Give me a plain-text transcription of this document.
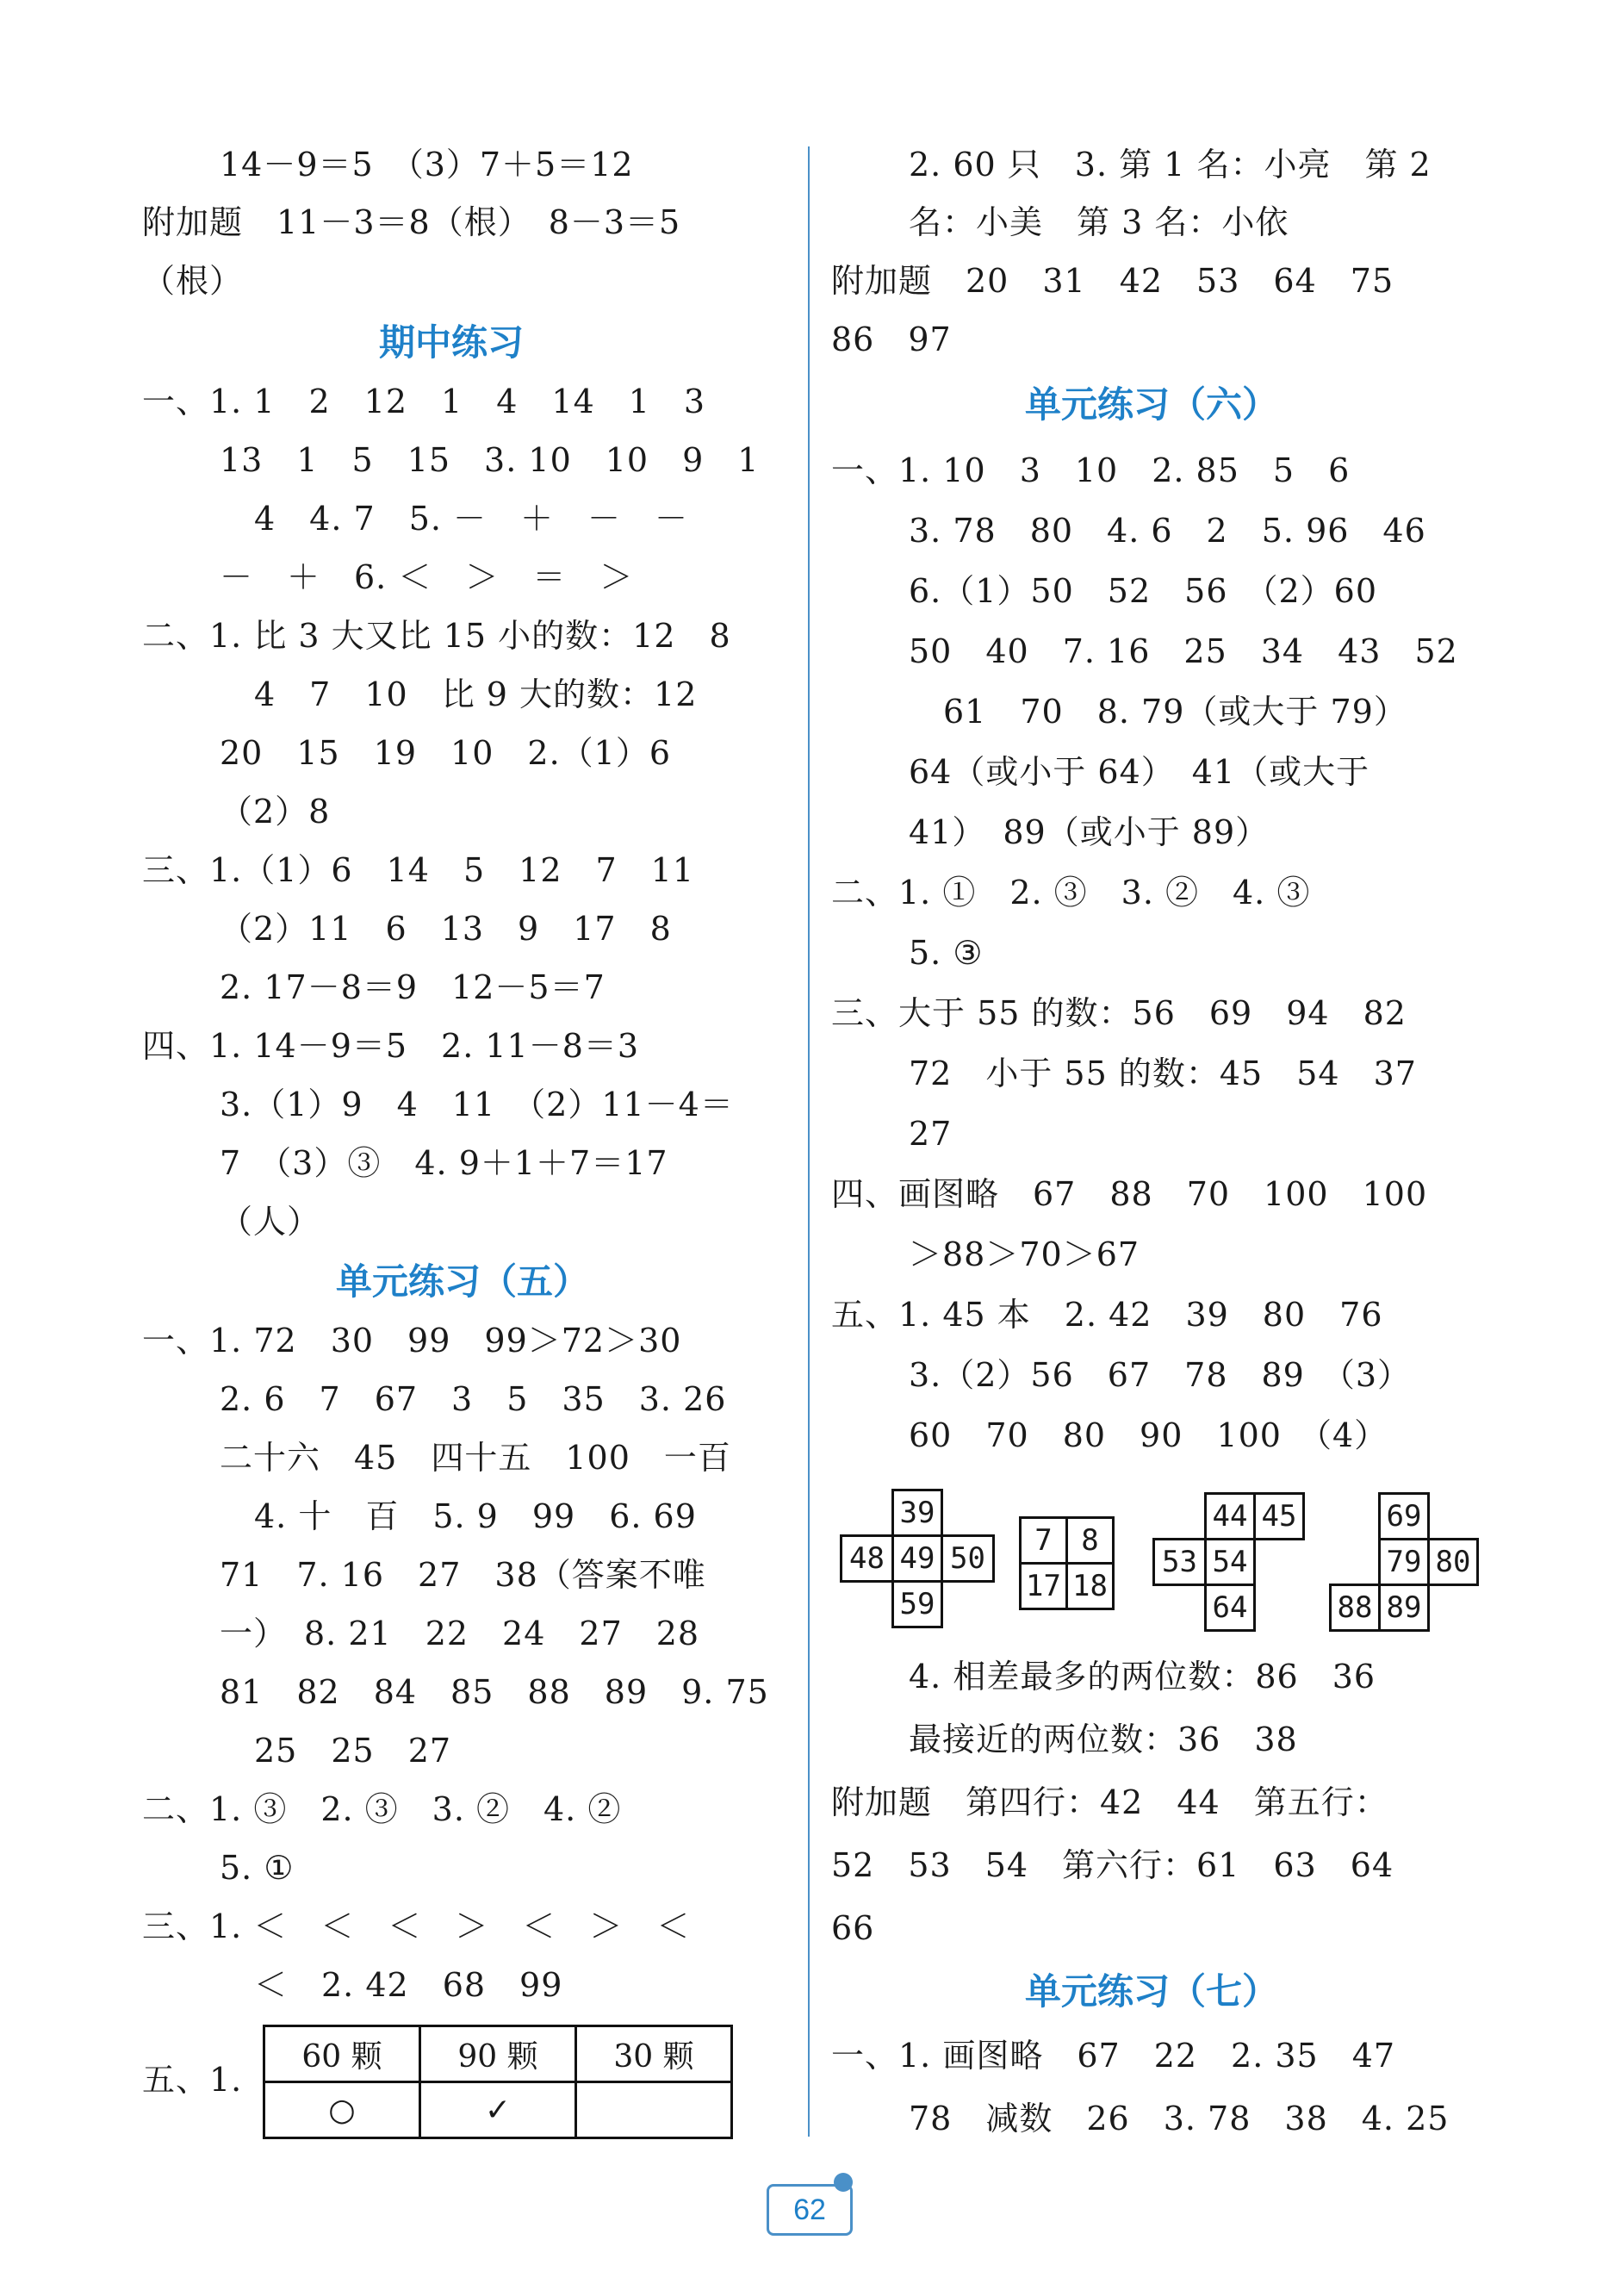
14－9＝5　（3）7＋5＝12
附加题　11－3＝8（根）　8－3＝5
（根）
期中练习
一、1. 1　2　12　1　4　14　1　3
13　1　5　15　3. 10　10　9　1
4　4. 7　5. －　＋　－　－
－　＋　6. ＜　＞　＝　＞
二、1. 比 3 大又比 15 小的数：12　8
4　7　10　比 9 大的数：12
20　15　19　10　2.（1）6
（2）8
三、1.（1）6　14　5　12　7　11
（2）11　6　13　9　17　8
2. 17－8＝9　12－5＝7
四、1. 14－9＝5　2. 11－8＝3
3.（1）9　4　11　（2）11－4＝
7　（3）③　4. 9＋1＋7＝17
（人）
单元练习（五）
一、1. 72　30　99　99＞72＞30
2. 6　7　67　3　5　35　3. 26
二十六　45　四十五　100　一百
4. 十　百　5. 9　99　6. 69
71　7. 16　27　38（答案不唯
一）　8. 21　22　24　27　28
81　82　84　85　88　89　9. 75
25　25　27
二、1. ③　2. ③　3. ②　4. ②
5. ①
三、1. ＜　＜　＜　＞　＜　＞　＜
＜　2. 42　68　99
五、1.
60 颗	90 颗	30 颗
○	✓	
2. 60 只　3. 第 1 名：小亮　第 2
名：小美　第 3 名：小依
附加题　20　31　42　53　64　75
86　97
单元练习（六）
一、1. 10　3　10　2. 85　5　6
3. 78　80　4. 6　2　5. 96　46
6.（1）50　52　56　（2）60
50　40　7. 16　25　34　43　52
61　70　8. 79（或大于 79）
64（或小于 64）　41（或大于
41）　89（或小于 89）
二、1. ①　2. ③　3. ②　4. ③
5. ③
三、大于 55 的数：56　69　94　82
72　小于 55 的数：45　54　37
27
四、画图略　67　88　70　100　100
＞88＞70＞67
五、1. 45 本　2. 42　39　80　76
3.（2）56　67　78　89　（3）
60　70　80　90　100　（4）
4. 相差最多的两位数：86　36
最接近的两位数：36　38
附加题　第四行：42　44　第五行：
52　53　54　第六行：61　63　64
66
单元练习（七）
一、1. 画图略　67　22　2. 35　47
78　减数　26　3. 78　38　4. 25
39
48 49 50
59
7 8
17 18
44 45
53 54
64
69
79 80
88 89
62
